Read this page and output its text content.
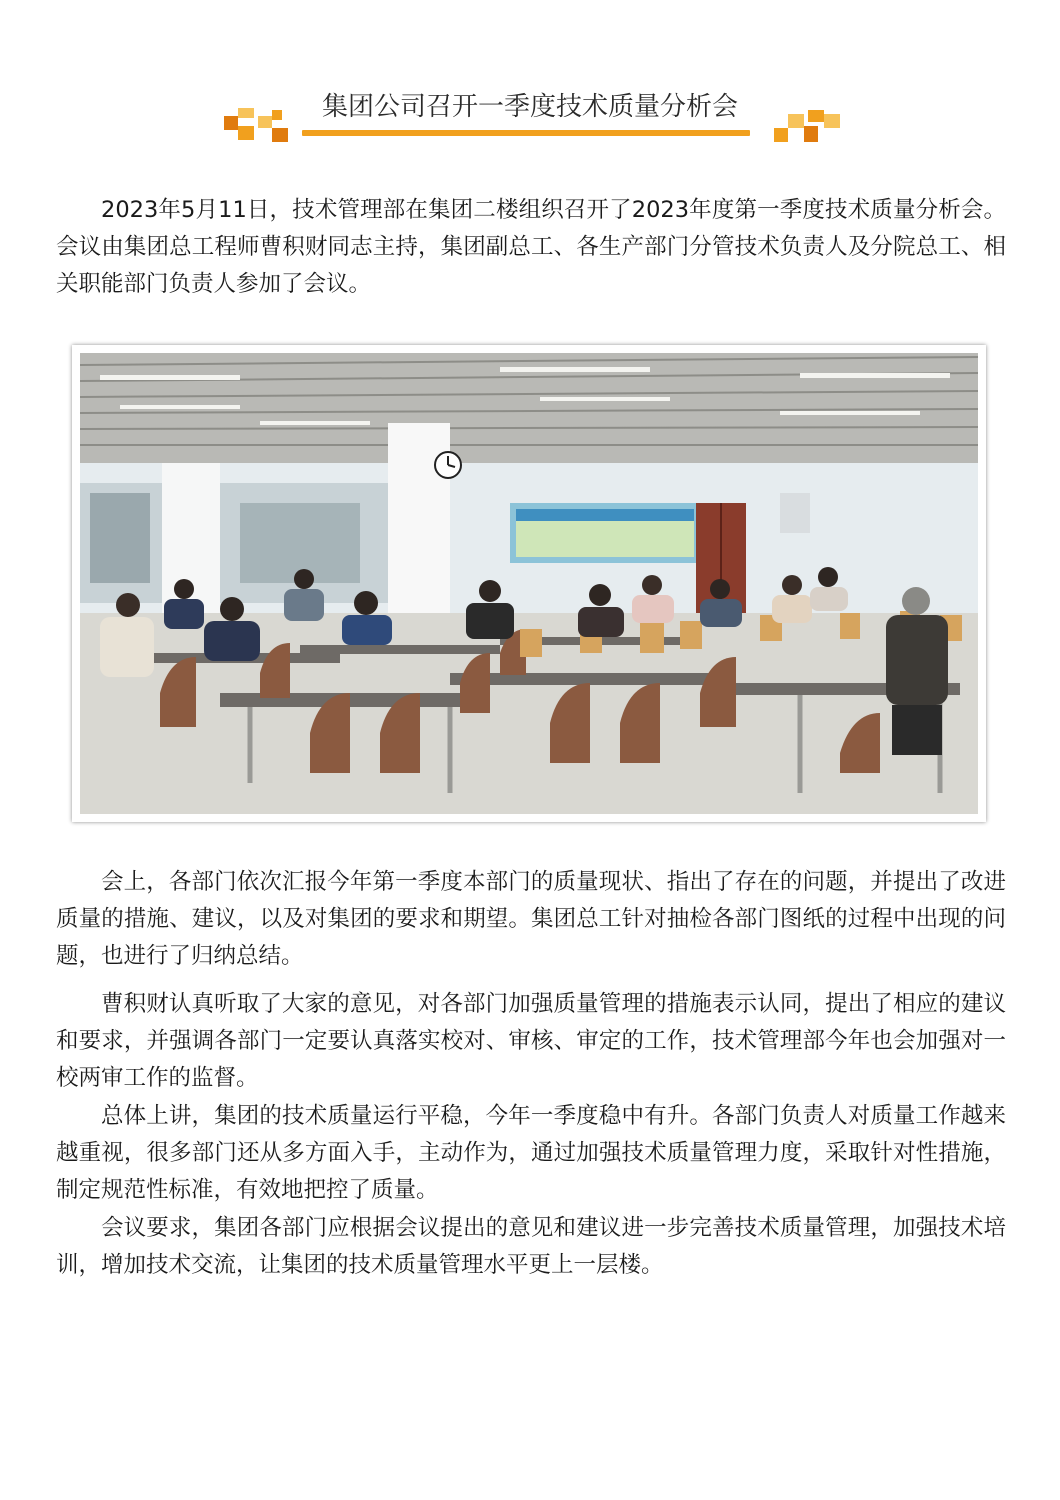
集团公司召开一季度技术质量分析会

2023年5月11日，技术管理部在集团二楼组织召开了2023年度第一季度技术质量分析会。 会议由集团总工程师曹积财同志主持，集团副总工、各生产部门分管技术负责人及分院总工、相关职能部门负责人参加了会议。

会上，各部门依次汇报今年第一季度本部门的质量现状、指出了存在的问题，并提出了改进质量的措施、建议，以及对集团的要求和期望。集团总工针对抽检各部门图纸的过程中出现的问题，也进行了归纳总结。

曹积财认真听取了大家的意见，对各部门加强质量管理的措施表示认同，提出了相应的建议和要求，并强调各部门一定要认真落实校对、审核、审定的工作，技术管理部今年也会加强对一校两审工作的监督。

总体上讲，集团的技术质量运行平稳，今年一季度稳中有升。各部门负责人对质量工作越来越重视，很多部门还从多方面入手，主动作为，通过加强技术质量管理力度，采取针对性措施，制定规范性标准，有效地把控了质量。

会议要求，集团各部门应根据会议提出的意见和建议进一步完善技术质量管理，加强技术培训，增加技术交流，让集团的技术质量管理水平更上一层楼。
